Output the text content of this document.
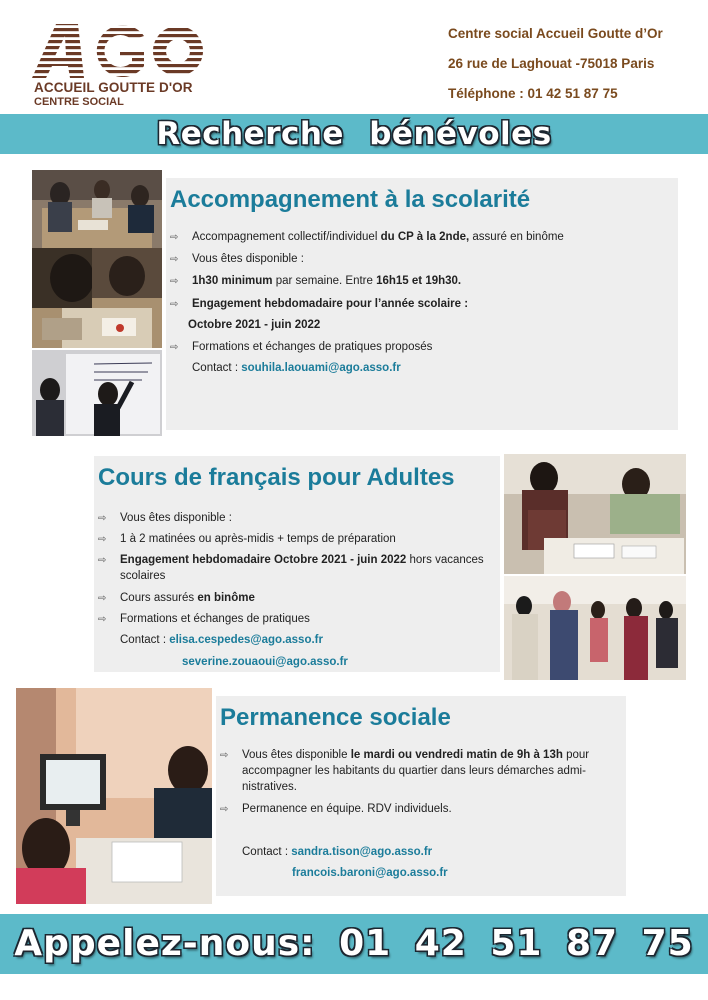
ACCUEIL GOUTTE D'OR
CENTRE SOCIAL
Centre social Accueil Goutte d’Or
26 rue de Laghouat -75018 Paris
Téléphone : 01 42 51 87 75
Recherche bénévoles
Accompagnement à la scolarité
⇨ Accompagnement collectif/individuel du CP à la 2nde, assuré en binôme
⇨ Vous êtes disponible :
⇨ 1h30 minimum par semaine. Entre 16h15 et 19h30.
⇨ Engagement hebdomadaire pour l’année scolaire :
Octobre 2021 - juin 2022
⇨ Formations et échanges de pratiques proposés
Contact : souhila.laouami@ago.asso.fr
Cours de français pour Adultes
⇨ Vous êtes disponible :
⇨ 1 à 2 matinées ou après-midis + temps de préparation
⇨ Engagement hebdomadaire Octobre 2021 - juin 2022 hors vacances
scolaires
⇨ Cours assurés en binôme
⇨ Formations et échanges de pratiques
Contact : elisa.cespedes@ago.asso.fr
severine.zouaoui@ago.asso.fr
Permanence sociale
⇨ Vous êtes disponible le mardi ou vendredi matin de 9h à 13h pour
accompagner les habitants du quartier dans leurs démarches admi-
nistratives.
⇨ Permanence en équipe. RDV individuels.
Contact : sandra.tison@ago.asso.fr
francois.baroni@ago.asso.fr
Appelez-nous: 01 42 51 87 75
